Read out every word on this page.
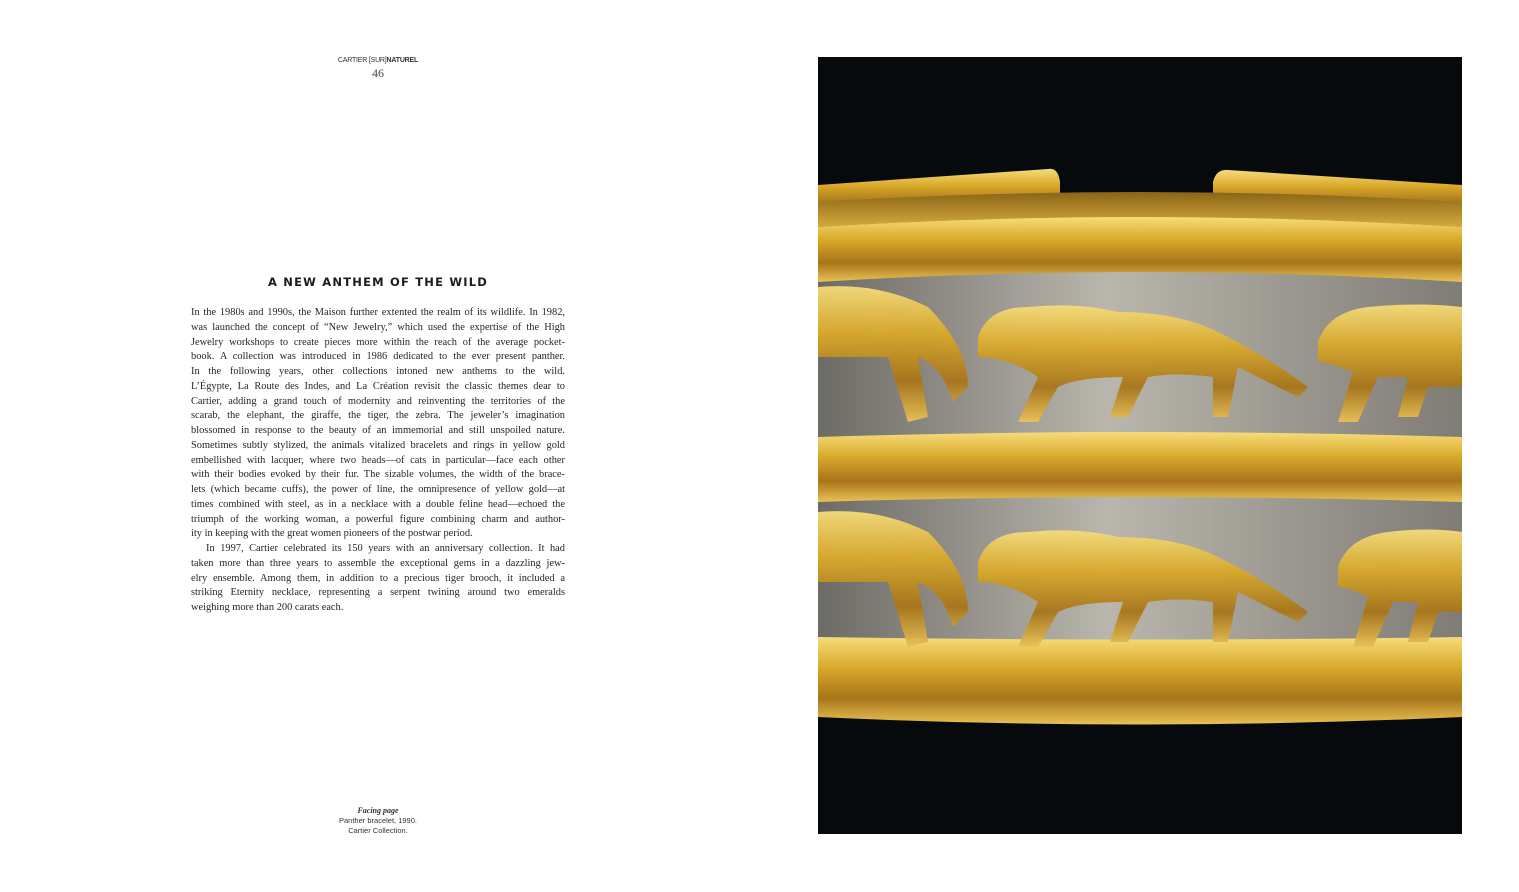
CARTIER [SUR]NATUREL
46
A NEW ANTHEM OF THE WILD
In the 1980s and 1990s, the Maison further extented the realm of its wildlife. In 1982,
was launched the concept of “New Jewelry,” which used the expertise of the High
Jewelry workshops to create pieces more within the reach of the average pocket-
book. A collection was introduced in 1986 dedicated to the ever present panther.
In the following years, other collections intoned new anthems to the wild.
L’Égypte, La Route des Indes, and La Création revisit the classic themes dear to
Cartier, adding a grand touch of modernity and reinventing the territories of the
scarab, the elephant, the giraffe, the tiger, the zebra. The jeweler’s imagination
blossomed in response to the beauty of an immemorial and still unspoiled nature.
Sometimes subtly stylized, the animals vitalized bracelets and rings in yellow gold
embellished with lacquer, where two heads—of cats in particular—face each other
with their bodies evoked by their fur. The sizable volumes, the width of the brace-
lets (which became cuffs), the power of line, the omnipresence of yellow gold—at
times combined with steel, as in a necklace with a double feline head—echoed the
triumph of the working woman, a powerful figure combining charm and author-
ity in keeping with the great women pioneers of the postwar period.
In 1997, Cartier celebrated its 150 years with an anniversary collection. It had
taken more than three years to assemble the exceptional gems in a dazzling jew-
elry ensemble. Among them, in addition to a precious tiger brooch, it included a
striking Eternity necklace, representing a serpent twining around two emeralds
weighing more than 200 carats each.
Facing page
Panther bracelet, 1990.
Cartier Collection.
